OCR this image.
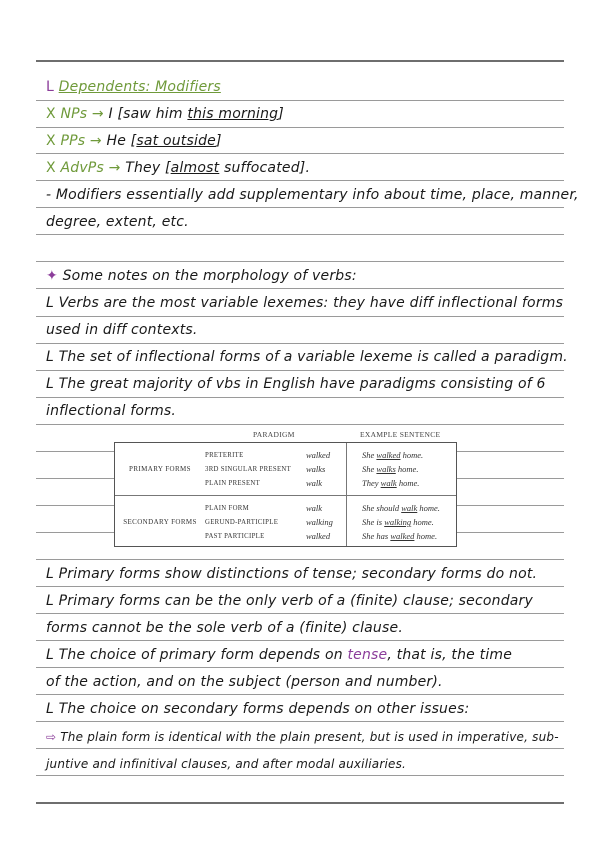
L Dependents: Modifiers
X NPs → I [saw him this morning]
X PPs → He [sat outside]
X AdvPs → They [almost suffocated].
- Modifiers essentially add supplementary info about time, place, manner,
degree, extent, etc.
✦ Some notes on the morphology of verbs:
L Verbs are the most variable lexemes: they have diff inflectional forms
used in diff contexts.
L The set of inflectional forms of a variable lexeme is called a paradigm.
L The great majority of vbs in English have paradigms consisting of 6
inflectional forms.
PARADIGM	EXAMPLE SENTENCE
PRIMARY FORMS
PRETERITE	walked	She walked home.
3RD SINGULAR PRESENT walks	She walks home.
PLAIN PRESENT	walk	They walk home.
SECONDARY FORMS
PLAIN FORM	walk	She should walk home.
GERUND-PARTICIPLE	walking	She is walking home.
PAST PARTICIPLE	walked	She has walked home.
L Primary forms show distinctions of tense; secondary forms do not.
L Primary forms can be the only verb of a (finite) clause; secondary
forms cannot be the sole verb of a (finite) clause.
L The choice of primary form depends on tense, that is, the time
of the action, and on the subject (person and number).
L The choice on secondary forms depends on other issues:
⇨ The plain form is identical with the plain present, but is used in imperative, sub-
juntive and infinitival clauses, and after modal auxiliaries.
